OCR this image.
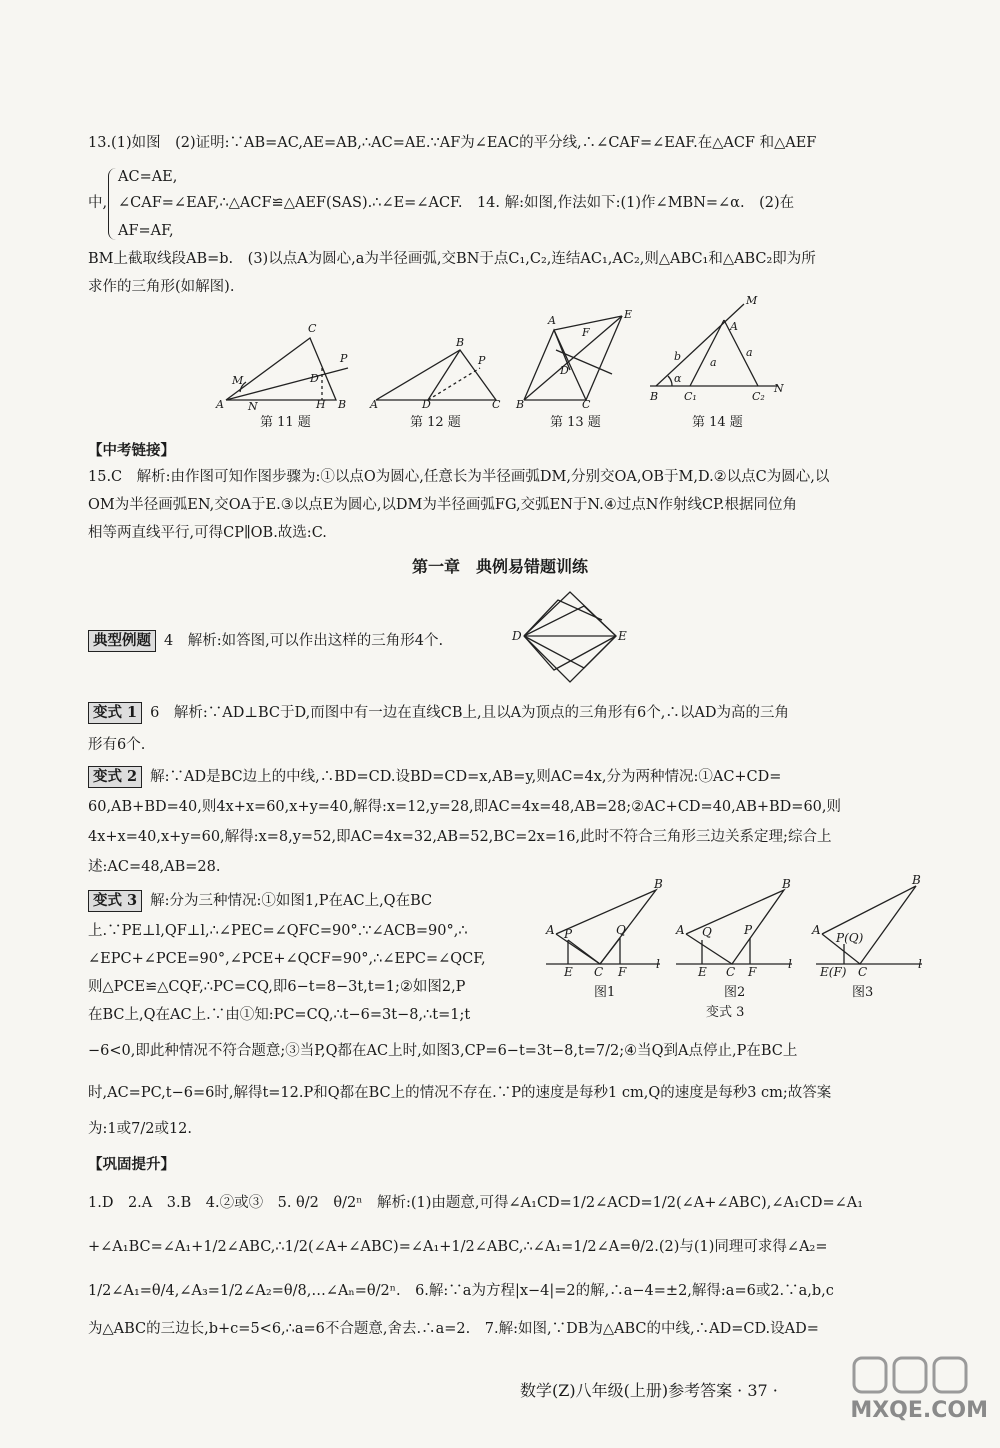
13.(1)如图　(2)证明:∵AB=AC,AE=AB,∴AC=AE.∵AF为∠EAC的平分线,∴∠CAF=∠EAF.在△ACF 和△AEF
AC=AE,
中, ∠CAF=∠EAF,∴△ACF≌△AEF(SAS).∴∠E=∠ACF.　14. 解:如图,作法如下:(1)作∠MBN=∠α.　(2)在
AF=AF,
BM上截取线段AB=b.　(3)以点A为圆心,a为半径画弧,交BN于点C₁,C₂,连结AC₁,AC₂,则△ABC₁和△ABC₂即为所
求作的三角形(如解图).
A
C
B
H
M
N
P
D
A
B
C
D
P
A	E
F
D
B	C
M
A
b	a
a
α
B C₁	C₂
N
第 11 题	第 12 题	第 13 题	第 14 题
【中考链接】
15.C　解析:由作图可知作图步骤为:①以点O为圆心,任意长为半径画弧DM,分别交OA,OB于M,D.②以点C为圆心,以
OM为半径画弧EN,交OA于E.③以点E为圆心,以DM为半径画弧FG,交弧EN于N.④过点N作射线CP.根据同位角
相等两直线平行,可得CP∥OB.故选:C.
第一章　典例易错题训练
典型例题 4　解析:如答图,可以作出这样的三角形4个.	D	E
变式 1 6　解析:∵AD⊥BC于D,而图中有一边在直线CB上,且以A为顶点的三角形有6个,∴以AD为高的三角
形有6个.
变式 2 解:∵AD是BC边上的中线,∴BD=CD.设BD=CD=x,AB=y,则AC=4x,分为两种情况:①AC+CD=
60,AB+BD=40,则4x+x=60,x+y=40,解得:x=12,y=28,即AC=4x=48,AB=28;②AC+CD=40,AB+BD=60,则
4x+x=40,x+y=60,解得:x=8,y=52,即AC=4x=32,AB=52,BC=2x=16,此时不符合三角形三边关系定理;综合上
述:AC=48,AB=28.
变式 3 解:分为三种情况:①如图1,P在AC上,Q在BC
上.∵PE⊥l,QF⊥l,∴∠PEC=∠QFC=90°.∵∠ACB=90°,∴
∠EPC+∠PCE=90°,∠PCE+∠QCF=90°,∴∠EPC=∠QCF,
则△PCE≌△CQF,∴PC=CQ,即6−t=8−3t,t=1;②如图2,P
在BC上,Q在AC上.∵由①知:PC=CQ,∴t−6=3t−8,∴t=1;t
B
A P	Q
E C F
l
B
A Q	P
E C F
l
B
A
P(Q)
E(F) C
l
图1	图2	图3
变式 3
−6<0,即此种情况不符合题意;③当P,Q都在AC上时,如图3,CP=6−t=3t−8,t=7/2;④当Q到A点停止,P在BC上
时,AC=PC,t−6=6时,解得t=12.P和Q都在BC上的情况不存在.∵P的速度是每秒1 cm,Q的速度是每秒3 cm;故答案
为:1或7/2或12.
【巩固提升】
1.D　2.A　3.B　4.②或③　5. θ/2　θ/2ⁿ　解析:(1)由题意,可得∠A₁CD=1/2∠ACD=1/2(∠A+∠ABC),∠A₁CD=∠A₁
+∠A₁BC=∠A₁+1/2∠ABC,∴1/2(∠A+∠ABC)=∠A₁+1/2∠ABC,∴∠A₁=1/2∠A=θ/2.(2)与(1)同理可求得∠A₂=
1/2∠A₁=θ/4,∠A₃=1/2∠A₂=θ/8,…∠Aₙ=θ/2ⁿ.　6.解:∵a为方程|x−4|=2的解,∴a−4=±2,解得:a=6或2.∵a,b,c
为△ABC的三边长,b+c=5<6,∴a=6不合题意,舍去.∴a=2.　7.解:如图,∵DB为△ABC的中线,∴AD=CD.设AD=
数学(Z)八年级(上册)参考答案 · 37 ·
MXQE.COM
